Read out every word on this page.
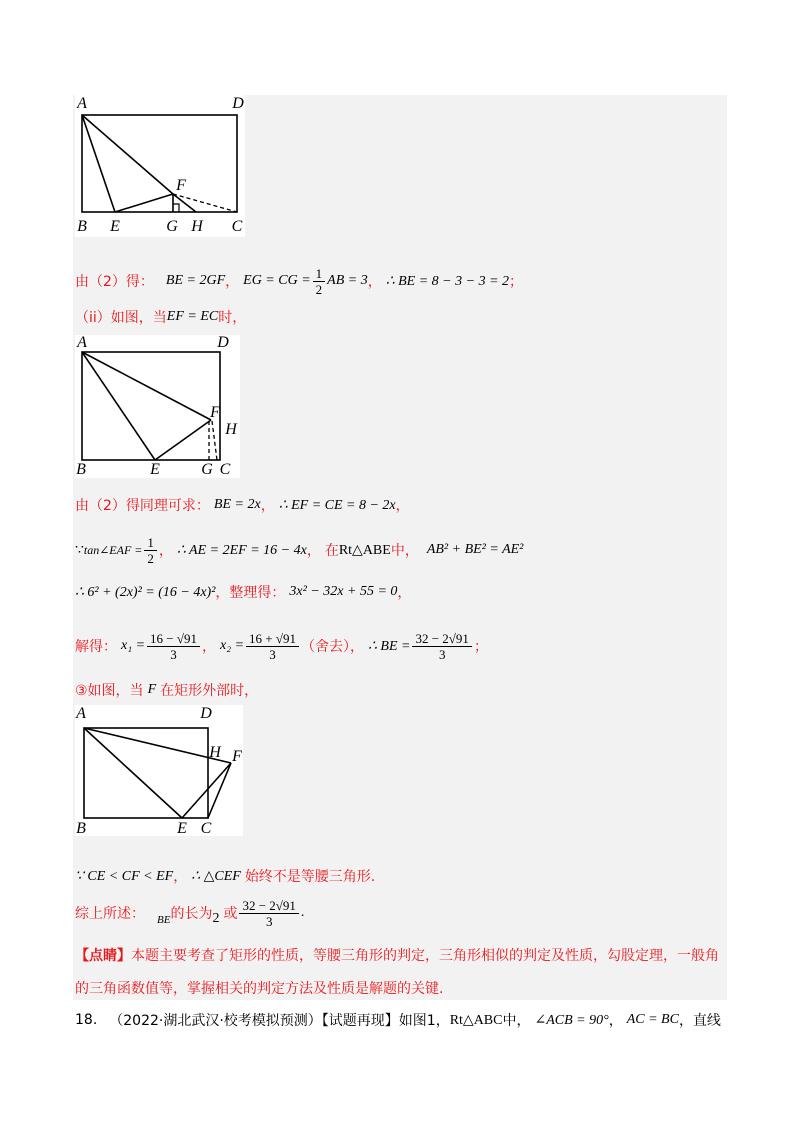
A	D
B E	G H C
F
由（2）得： BE = 2GF ， EG = CG = $\frac{1}{2}$ AB = 3 ， ∴ BE = 8 − 3 − 3 = 2 ；
（ii）如图，当 EF = EC 时，
A	D
B	E	G C
F
H
由（2）得同理可求： BE = 2x ， ∴ EF = CE = 8 − 2x ，
∵ tan∠EAF = $\frac{1}{2}$ ， ∴ AE = 2EF = 16 − 4x ， 在 Rt△ABE 中， AB² + BE² = AE²
∴ 6² + (2x)² = (16 − 4x)² ，整理得： 3x² − 32x + 55 = 0 ，
解得： $x_1 = \frac{16 - √91}{3}$ ， $x_2 = \frac{16 + √91}{3}$ （舍去）， ∴ BE = $\frac{32 - 2√91}{3}$ ；
③如图，当 F 在矩形外部时，
A	D
H F
B	E C
∵ CE < CF < EF ， ∴ △CEF 始终不是等腰三角形.
综上所述： BE 的长为 2 或 $\frac{32 - 2√91}{3}$ .
【点睛】 本题主要考查了矩形的性质，等腰三角形的判定，三角形相似的判定及性质，勾股定理，一般角
的三角函数值等，掌握相关的判定方法及性质是解题的关键.
18. （2022·湖北武汉·校考模拟预测）【试题再现】如图1， Rt△ABC 中， ∠ACB = 90° ， AC = BC ，直线
